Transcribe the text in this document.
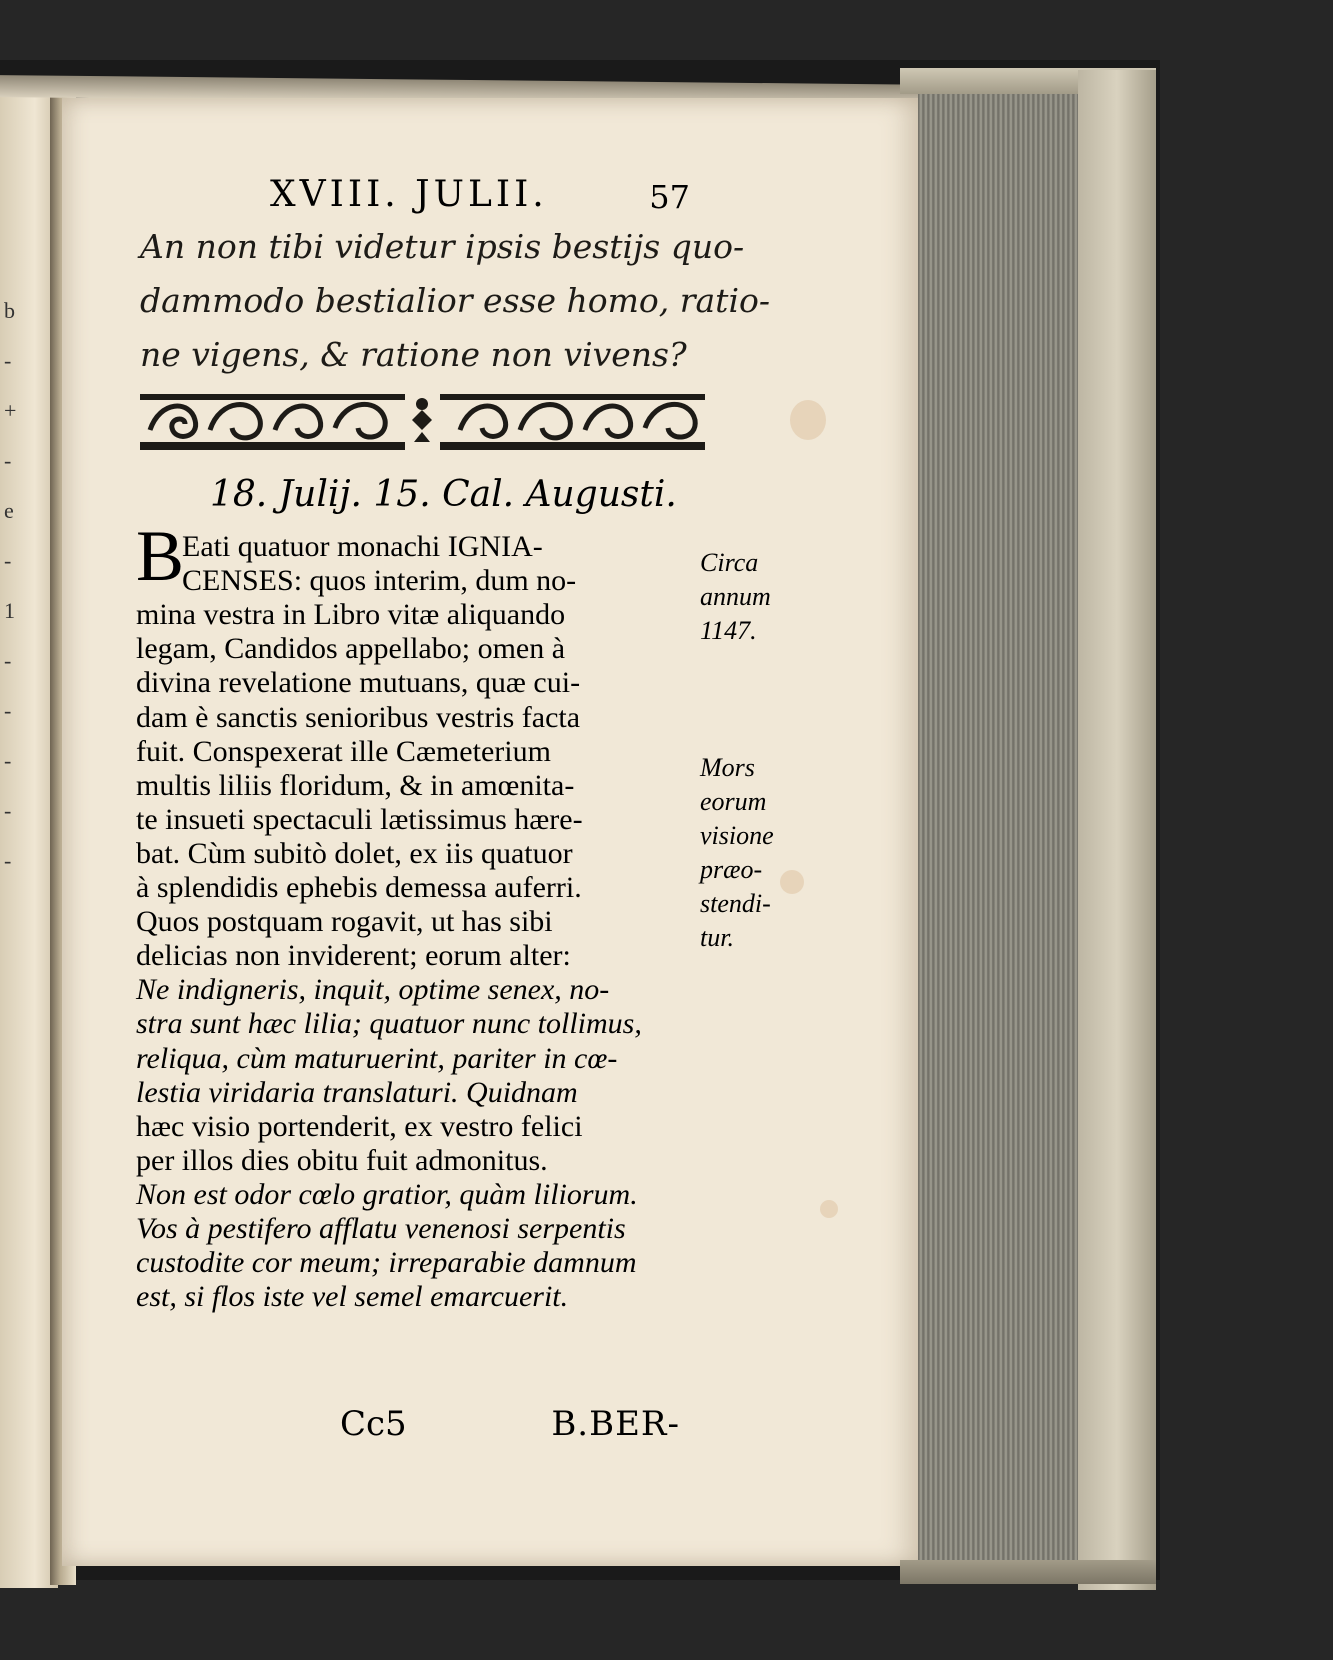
b
-
+
-
e
-
1
-
-
-
-
-
XVIII. JULII.	57
An non tibi videtur ipsis bestijs quo-
dammodo bestialior esse homo, ratio-
ne vigens, & ratione non vivens?
18. Julij. 15. Cal. Augusti.
B
Eati quatuor monachi IGNIA-
CENSES: quos interim, dum no-
mina vestra in Libro vitæ aliquando
legam, Candidos appellabo; omen à
divina revelatione mutuans, quæ cui-
dam è sanctis senioribus vestris facta
fuit. Conspexerat ille Cæmeterium
multis liliis floridum, & in amœnita-
te insueti spectaculi lætissimus hære-
bat. Cùm subitò dolet, ex iis quatuor
à splendidis ephebis demessa auferri.
Quos postquam rogavit, ut has sibi
delicias non inviderent; eorum alter:
Ne indigneris, inquit, optime senex, no-
stra sunt hæc lilia; quatuor nunc tollimus,
reliqua, cùm maturuerint, pariter in cœ-
lestia viridaria translaturi. Quidnam
hæc visio portenderit, ex vestro felici
per illos dies obitu fuit admonitus.
Non est odor cœlo gratior, quàm liliorum.
Vos à pestifero afflatu venenosi serpentis
custodite cor meum; irreparabie damnum
est, si flos iste vel semel emarcuerit.
Circa
annum
1147.
Mors
eorum
visione
præo-
stendi-
tur.
Cc5	B.BER-
